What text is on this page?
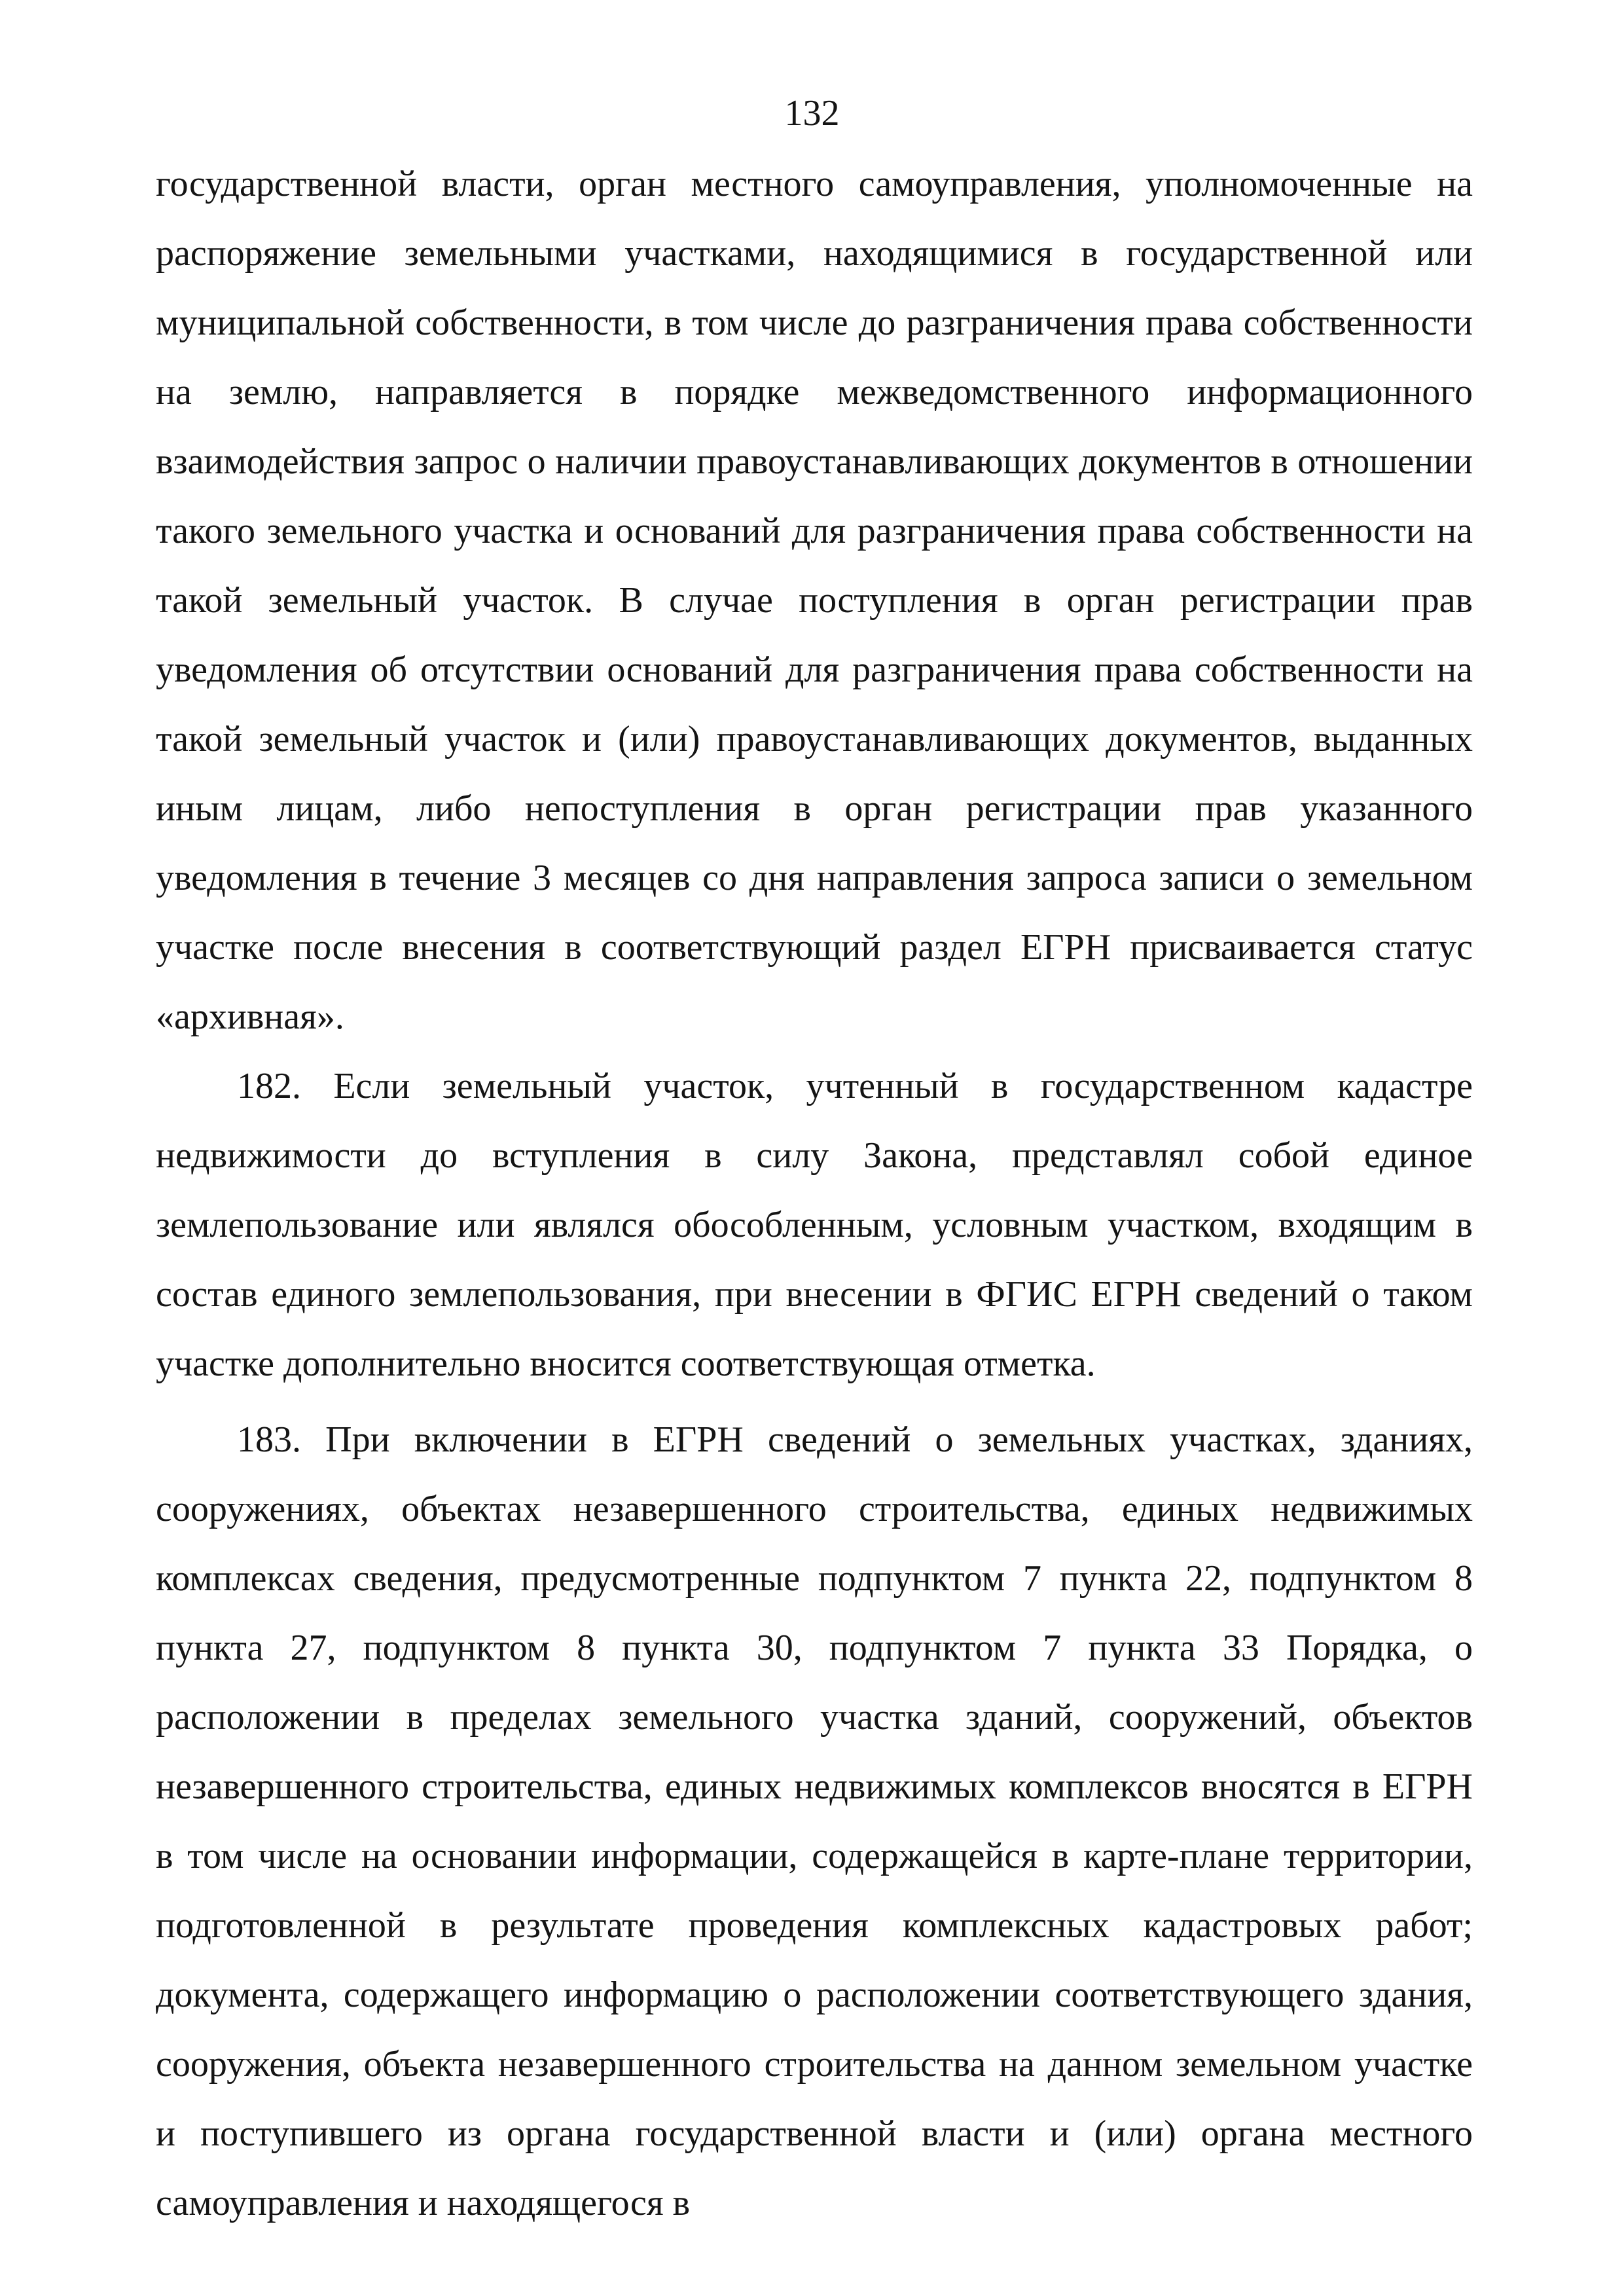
132

государственной власти, орган местного самоуправления, уполномоченные на распоряжение земельными участками, находящимися в государственной или муниципальной собственности, в том числе до разграничения права собственности на землю, направляется в порядке межведомственного информационного взаимодействия запрос о наличии правоустанавливающих документов в отношении такого земельного участка и оснований для разграничения права собственности на такой земельный участок. В случае поступления в орган регистрации прав уведомления об отсутствии оснований для разграничения права собственности на такой земельный участок и (или) правоустанавливающих документов, выданных иным лицам, либо непоступления в орган регистрации прав указанного уведомления в течение 3 месяцев со дня направления запроса записи о земельном участке после внесения в соответствующий раздел ЕГРН присваивается статус «архивная».

182. Если земельный участок, учтенный в государственном кадастре недвижимости до вступления в силу Закона, представлял собой единое землепользование или являлся обособленным, условным участком, входящим в состав единого землепользования, при внесении в ФГИС ЕГРН сведений о таком участке дополнительно вносится соответствующая отметка.

183. При включении в ЕГРН сведений о земельных участках, зданиях, сооружениях, объектах незавершенного строительства, единых недвижимых комплексах сведения, предусмотренные подпунктом 7 пункта 22, подпунктом 8 пункта 27, подпунктом 8 пункта 30, подпунктом 7 пункта 33 Порядка, о расположении в пределах земельного участка зданий, сооружений, объектов незавершенного строительства, единых недвижимых комплексов вносятся в ЕГРН в том числе на основании информации, содержащейся в карте-плане территории, подготовленной в результате проведения комплексных кадастровых работ; документа, содержащего информацию о расположении соответствующего здания, сооружения, объекта незавершенного строительства на данном земельном участке и поступившего из органа государственной власти и (или) органа местного самоуправления и находящегося в
